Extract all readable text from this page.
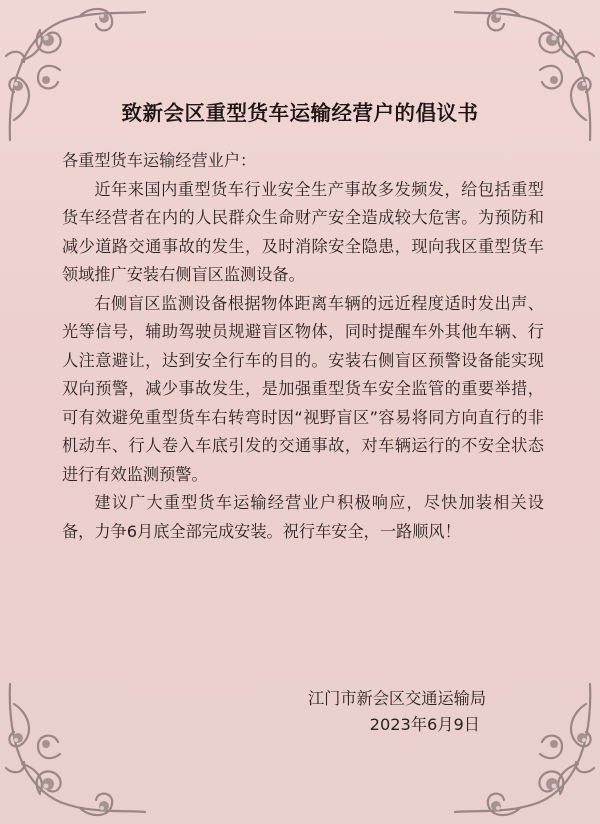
致新会区重型货车运输经营户的倡议书

各重型货车运输经营业户：

近年来国内重型货车行业安全生产事故多发频发，给包括重型货车经营者在内的人民群众生命财产安全造成较大危害。为预防和减少道路交通事故的发生，及时消除安全隐患，现向我区重型货车领域推广安装右侧盲区监测设备。

右侧盲区监测设备根据物体距离车辆的远近程度适时发出声、光等信号，辅助驾驶员规避盲区物体，同时提醒车外其他车辆、行人注意避让，达到安全行车的目的。安装右侧盲区预警设备能实现双向预警，减少事故发生，是加强重型货车安全监管的重要举措，可有效避免重型货车右转弯时因“视野盲区”容易将同方向直行的非机动车、行人卷入车底引发的交通事故，对车辆运行的不安全状态进行有效监测预警。

建议广大重型货车运输经营业户积极响应，尽快加装相关设备，力争6月底全部完成安装。祝行车安全，一路顺风！

江门市新会区交通运输局
2023年6月9日
